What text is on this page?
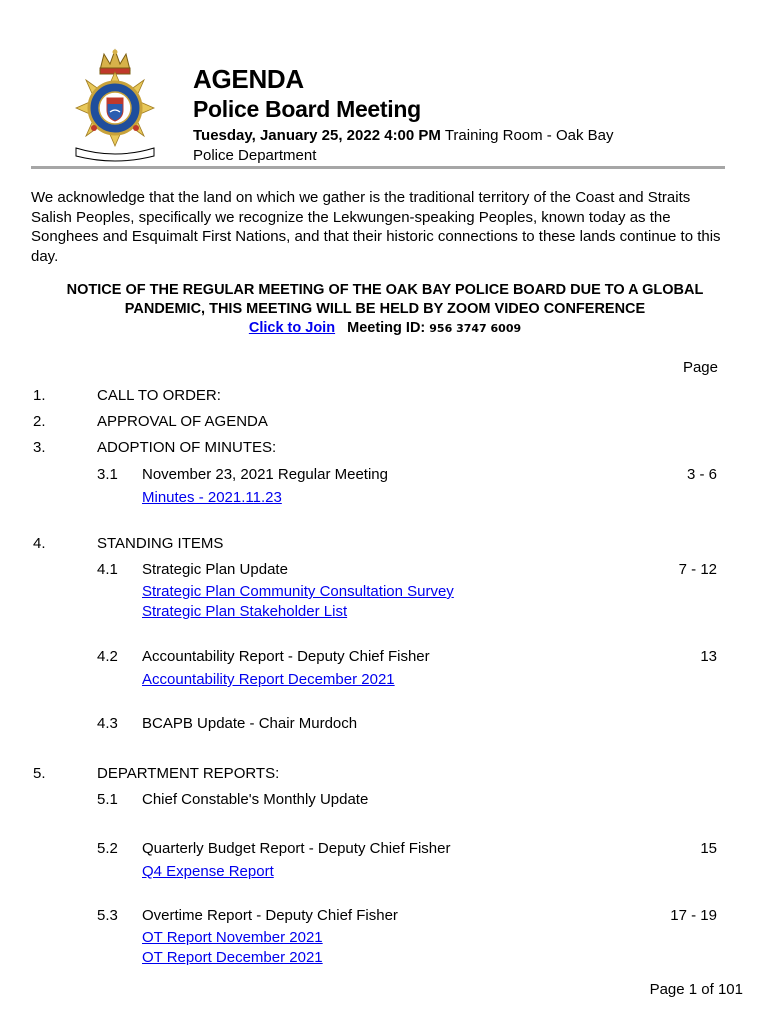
AGENDA
Police Board Meeting
Tuesday, January 25, 2022 4:00 PM Training Room - Oak Bay Police Department
We acknowledge that the land on which we gather is the traditional territory of the Coast and Straits Salish Peoples, specifically we recognize the Lekwungen-speaking Peoples, known today as the Songhees and Esquimalt First Nations, and that their historic connections to these lands continue to this day.
NOTICE OF THE REGULAR MEETING OF THE OAK BAY POLICE BOARD DUE TO A GLOBAL PANDEMIC, THIS MEETING WILL BE HELD BY ZOOM VIDEO CONFERENCE
Click to Join Meeting ID: 956 3747 6009
Page
1.	CALL TO ORDER:
2.	APPROVAL OF AGENDA
3.	ADOPTION OF MINUTES:
3.1 November 23, 2021 Regular Meeting	3 - 6
Minutes - 2021.11.23
4.	STANDING ITEMS
4.1 Strategic Plan Update	7 - 12
Strategic Plan Community Consultation Survey
Strategic Plan Stakeholder List
4.2 Accountability Report - Deputy Chief Fisher	13
Accountability Report December 2021
4.3 BCAPB Update - Chair Murdoch
5.	DEPARTMENT REPORTS:
5.1 Chief Constable's Monthly Update
5.2 Quarterly Budget Report - Deputy Chief Fisher	15
Q4 Expense Report
5.3 Overtime Report - Deputy Chief Fisher	17 - 19
OT Report November 2021
OT Report December 2021
Page 1 of 101
